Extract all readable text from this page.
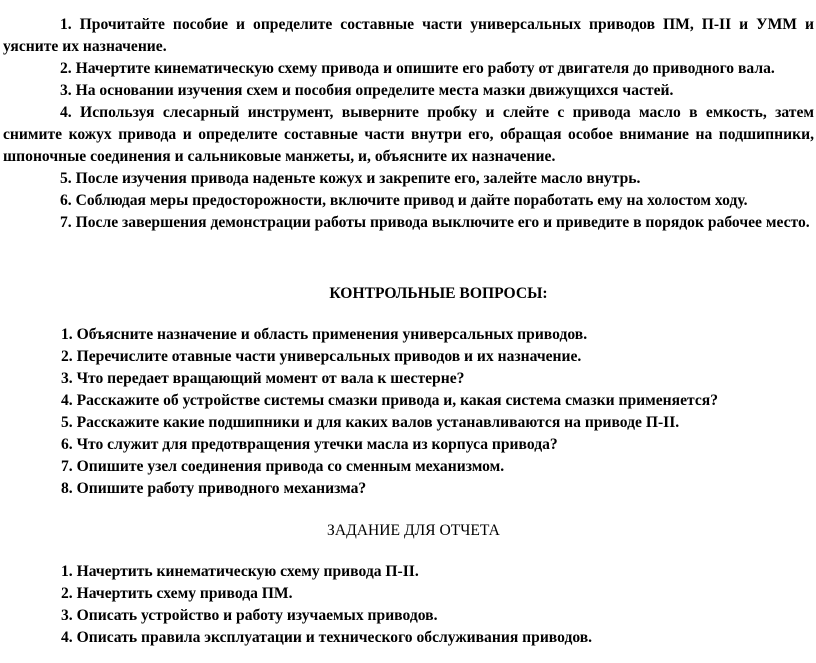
1. Прочитайте пособие и определите составные части универсальных приводов ПМ, П-II и УММ и уясните их назначение.

2. Начертите кинематическую схему привода и опишите его работу от двигателя до приводного вала.

3. На основании изучения схем и пособия определите места мазки движущихся частей.

4. Используя слесарный инструмент, выверните пробку и слейте с привода масло в емкость, затем снимите кожух привода и определите составные части внутри его, обращая особое внимание на подшипники, шпоночные соединения и сальниковые манжеты, и, объясните их назначение.

5. После изучения привода наденьте кожух и закрепите его, залейте масло внутрь.

6. Соблюдая меры предосторожности, включите привод и дайте поработать ему на холостом ходу.

7. После завершения демонстрации работы привода выключите его и приведите в порядок рабочее место.

КОНТРОЛЬНЫЕ ВОПРОСЫ:
1. Объясните назначение и область применения универсальных приводов.
2. Перечислите отавные части универсальных приводов и их назначение.
3. Что передает вращающий момент от вала к шестерне?
4. Расскажите об устройстве системы смазки привода и, какая система смазки применяется?
5. Расскажите какие подшипники и для каких валов устанавливаются на приводе П-II.
6. Что служит для предотвращения утечки масла из корпуса привода?
7. Опишите узел соединения привода со сменным механизмом.
8. Опишите работу приводного механизма?
ЗАДАНИЕ ДЛЯ ОТЧЕТА
1. Начертить кинематическую схему привода П-II.
2. Начертить схему привода ПМ.
3. Описать устройство и работу изучаемых приводов.
4. Описать правила эксплуатации и технического обслуживания приводов.
